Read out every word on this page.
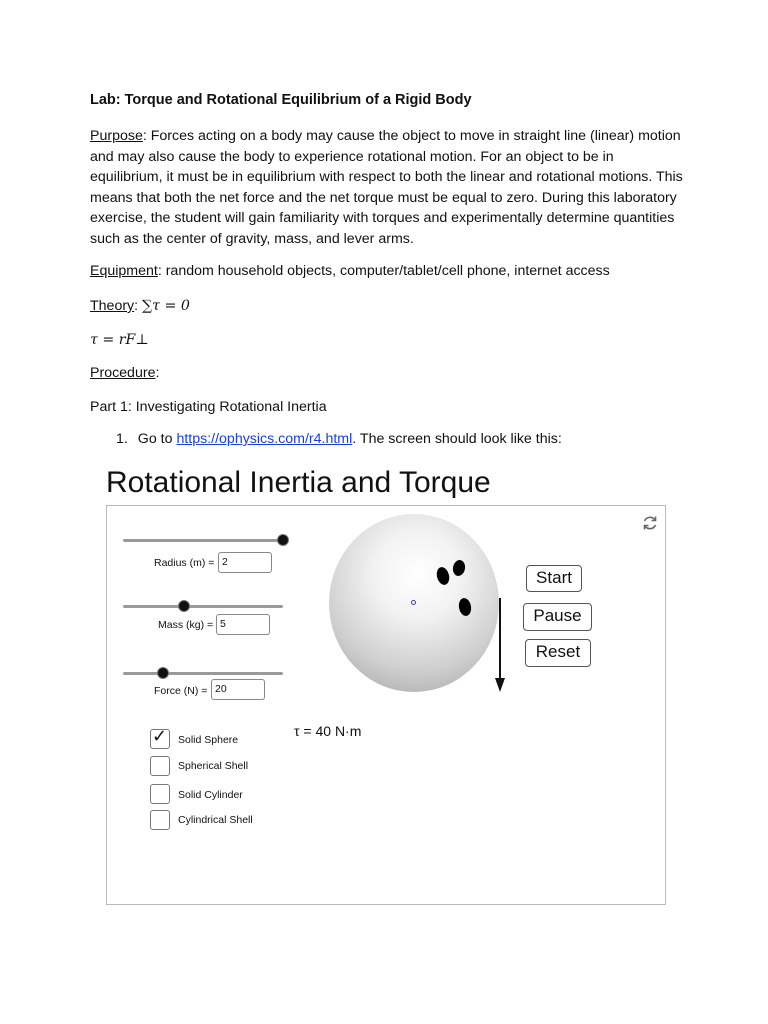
Lab: Torque and Rotational Equilibrium of a Rigid Body
Purpose: Forces acting on a body may cause the object to move in straight line (linear) motion and may also cause the body to experience rotational motion. For an object to be in equilibrium, it must be in equilibrium with respect to both the linear and rotational motions. This means that both the net force and the net torque must be equal to zero. During this laboratory exercise, the student will gain familiarity with torques and experimentally determine quantities such as the center of gravity, mass, and lever arms.
Equipment: random household objects, computer/tablet/cell phone, internet access
Theory: ∑τ = 0
τ = rF⊥
Procedure:
Part 1: Investigating Rotational Inertia
1. Go to https://ophysics.com/r4.html. The screen should look like this:
Rotational Inertia and Torque
Radius (m) = 2
Mass (kg) = 5
Force (N) = 20
✓ Solid Sphere
Spherical Shell
Solid Cylinder
Cylindrical Shell
Start
Pause
Reset
τ = 40 N·m
